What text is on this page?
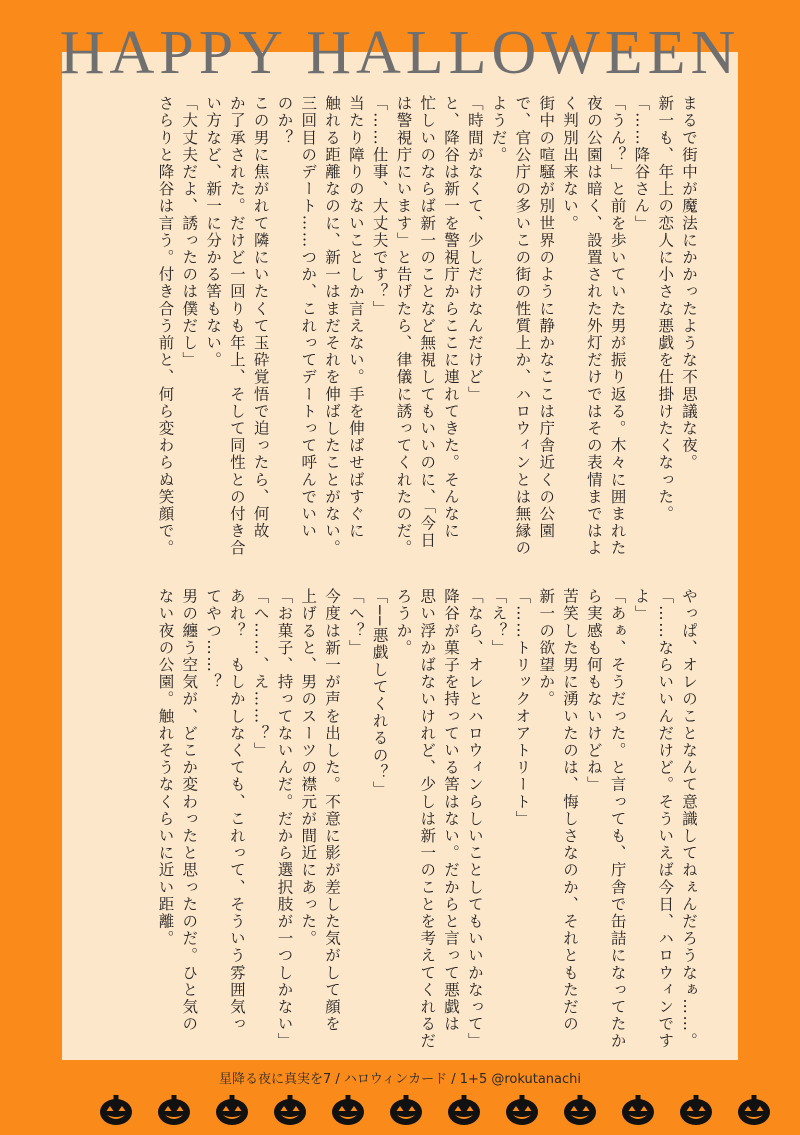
HAPPY HALLOWEEN
まるで街中が魔法にかかったような不思議な夜。
新一も、年上の恋人に小さな悪戯を仕掛けたくなった。
「……降谷さん」
「うん？」と前を歩いていた男が振り返る。木々に囲まれた
夜の公園は暗く、設置された外灯だけではその表情まではよ
く判別出来ない。
街中の喧騒が別世界のように静かなここは庁舎近くの公園
で、官公庁の多いこの街の性質上か、ハロウィンとは無縁の
ようだ。
「時間がなくて、少しだけなんだけど」
と、降谷は新一を警視庁からここに連れてきた。そんなに
忙しいのならば新一のことなど無視してもいいのに、「今日
は警視庁にいます」と告げたら、律儀に誘ってくれたのだ。
「……仕事、大丈夫です？」
当たり障りのないことしか言えない。手を伸ばせばすぐに
触れる距離なのに、新一はまだそれを伸ばしたことがない。
三回目のデート……つか、これってデートって呼んでいい
のか？
この男に焦がれて隣にいたくて玉砕覚悟で迫ったら、何故
か了承された。だけど一回りも年上、そして同性との付き合
い方など、新一に分かる筈もない。
「大丈夫だよ、誘ったのは僕だし」
さらりと降谷は言う。付き合う前と、何ら変わらぬ笑顔で。
やっぱ、オレのことなんて意識してねぇんだろうなぁ……。
「……ならいいんだけど。そういえば今日、ハロウィンです
よ」
「あぁ、そうだった。と言っても、庁舎で缶詰になってたか
ら実感も何もないけどね」
苦笑した男に湧いたのは、悔しさなのか、それともただの
新一の欲望か。
「……トリックオアトリート」
「え？」
「なら、オレとハロウィンらしいことしてもいいかなって」
降谷が菓子を持っている筈はない。だからと言って悪戯は
思い浮かばないけれど、少しは新一のことを考えてくれるだ
ろうか。
「──悪戯してくれるの？」
「へ？」
今度は新一が声を出した。不意に影が差した気がして顔を
上げると、男のスーツの襟元が間近にあった。
「お菓子、持ってないんだ。だから選択肢が一つしかない」
「へ……、え……？」
あれ？　もしかしなくても、これって、そういう雰囲気っ
てやつ……？
男の纏う空気が、どこか変わったと思ったのだ。ひと気の
ない夜の公園。触れそうなくらいに近い距離。
星降る夜に真実を7 / ハロウィンカード / 1+5 @rokutanachi
